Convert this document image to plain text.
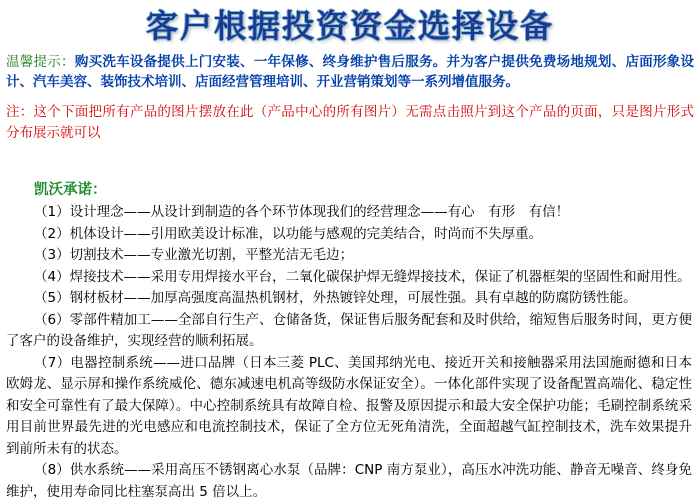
客户根据投资资金选择设备

温馨提示：购买洗车设备提供上门安装、一年保修、终身维护售后服务。并为客户提供免费场地规划、店面形象设计、汽车美容、装饰技术培训、店面经营管理培训、开业营销策划等一系列增值服务。

注：这个下面把所有产品的图片摆放在此（产品中心的所有图片）无需点击照片到这个产品的页面，只是图片形式分布展示就可以

凯沃承诺：

（1）设计理念——从设计到制造的各个环节体现我们的经营理念——有心　有形　有信！

（2）机体设计——引用欧美设计标准，以功能与感观的完美结合，时尚而不失厚重。

（3）切割技术——专业激光切割，平整光洁无毛边；

（4）焊接技术——采用专用焊接水平台，二氧化碳保护焊无缝焊接技术，保证了机器框架的坚固性和耐用性。

（5）钢材板材——加厚高强度高温热机钢材，外热镀锌处理，可展性强。具有卓越的防腐防锈性能。

（6）零部件精加工——全部自行生产、仓储备货，保证售后服务配套和及时供给，缩短售后服务时间，更方便了客户的设备维护，实现经营的顺利拓展。

（7）电器控制系统——进口品牌（日本三菱 PLC、美国邦纳光电、接近开关和接触器采用法国施耐德和日本欧姆龙、显示屏和操作系统威伦、德东减速电机高等级防水保证安全）。一体化部件实现了设备配置高端化、稳定性和安全可靠性有了最大保障）。中心控制系统具有故障自检、报警及原因提示和最大安全保护功能；毛刷控制系统采用目前世界最先进的光电感应和电流控制技术，保证了全方位无死角清洗，全面超越气缸控制技术，洗车效果提升到前所未有的状态。

（8）供水系统——采用高压不锈钢离心水泵（品牌：CNP 南方泵业），高压水冲洗功能、静音无噪音、终身免维护，使用寿命同比柱塞泵高出 5 倍以上。
